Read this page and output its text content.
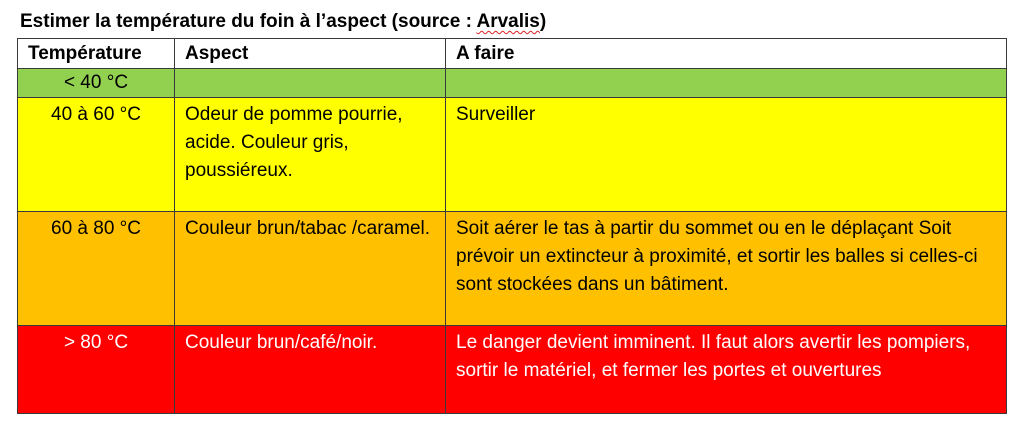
Estimer la température du foin à l’aspect (source : Arvalis)
Température	Aspect	A faire
< 40 °C		
40 à 60 °C	Odeur de pomme pourrie, acide. Couleur gris, poussiéreux.	Surveiller
60 à 80 °C	Couleur brun/tabac /caramel.	Soit aérer le tas à partir du sommet ou en le déplaçant Soit prévoir un extincteur à proximité, et sortir les balles si celles-ci sont stockées dans un bâtiment.
> 80 °C	Couleur brun/café/noir.	Le danger devient imminent. Il faut alors avertir les pompiers, sortir le matériel, et fermer les portes et ouvertures
